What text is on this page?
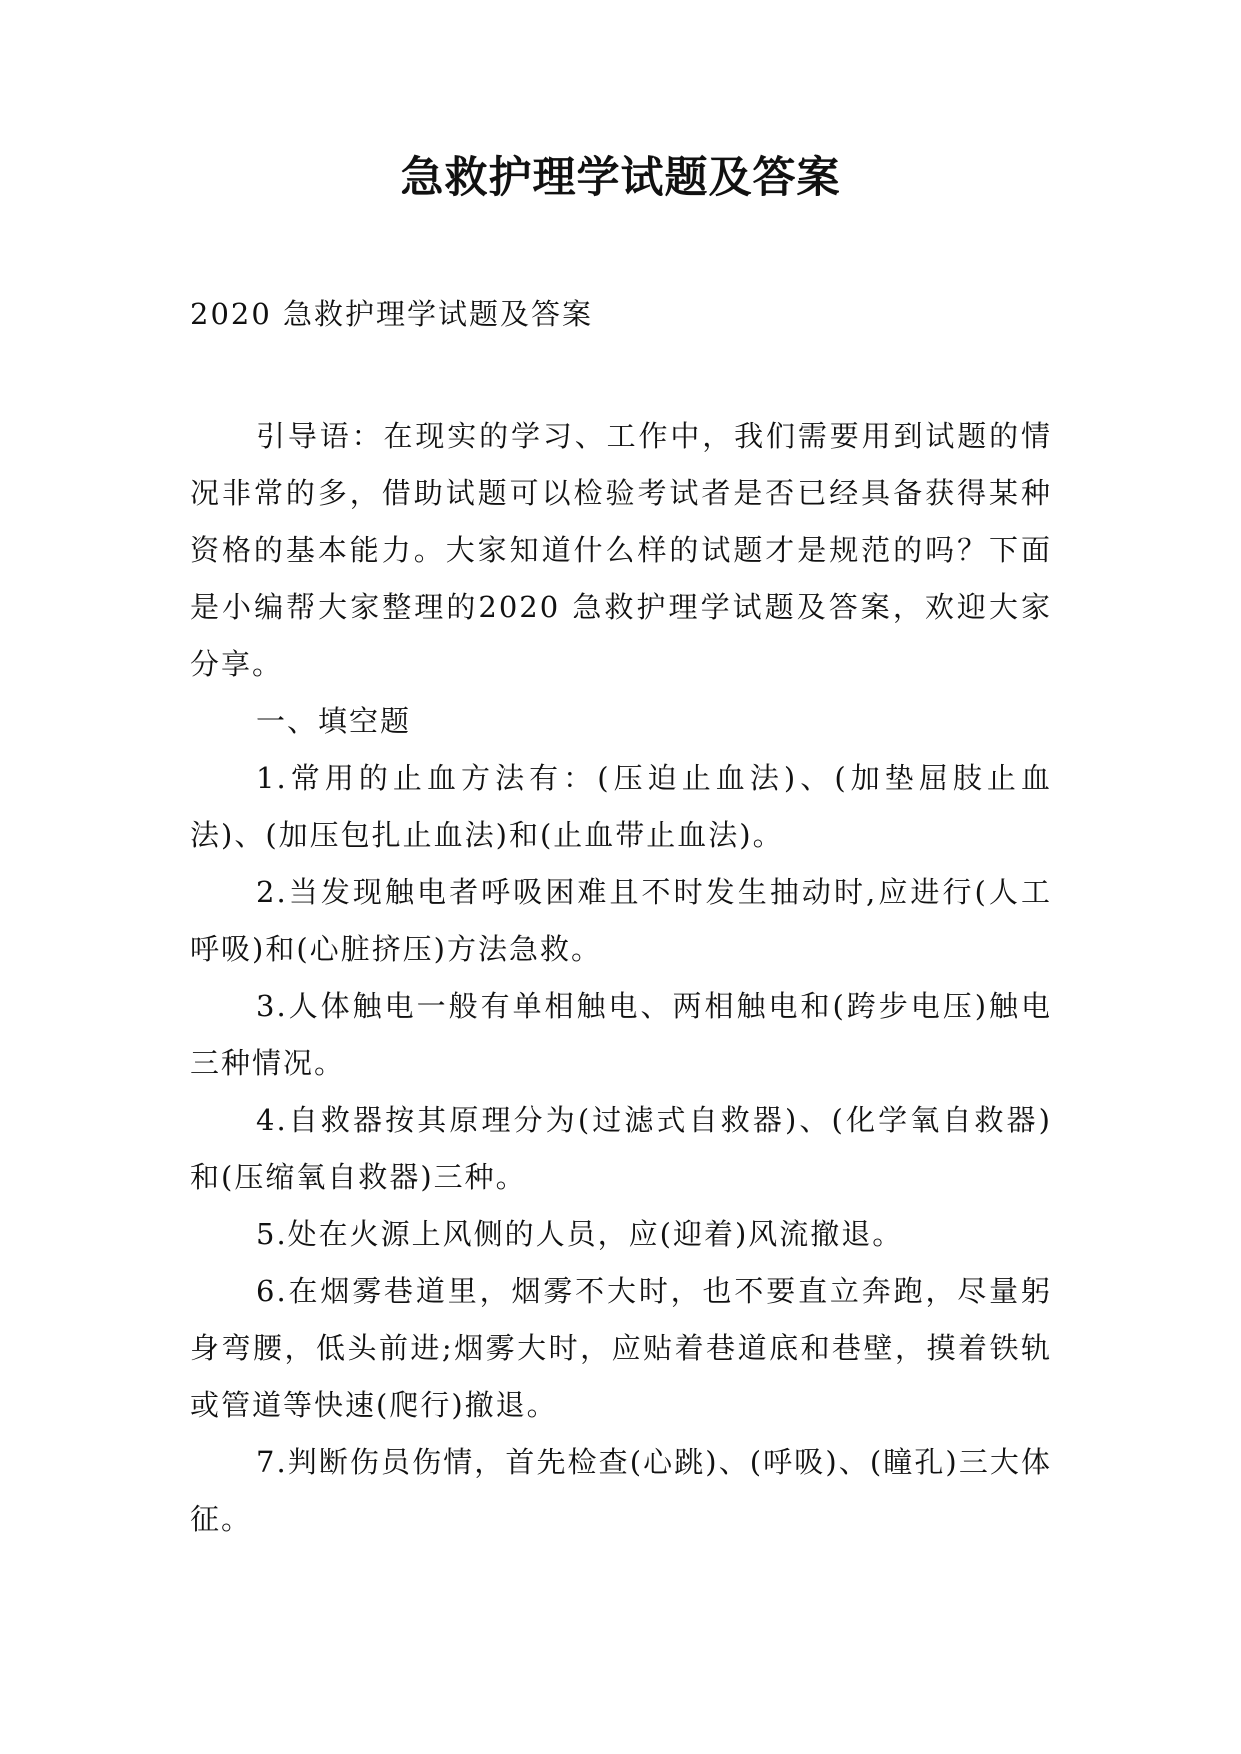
急救护理学试题及答案

2020 急救护理学试题及答案

引导语：在现实的学习、工作中，我们需要用到试题的情况非常的多，借助试题可以检验考试者是否已经具备获得某种资格的基本能力。大家知道什么样的试题才是规范的吗？下面是小编帮大家整理的2020 急救护理学试题及答案，欢迎大家分享。

一、填空题

1.常用的止血方法有：(压迫止血法)、(加垫屈肢止血法)、(加压包扎止血法)和(止血带止血法)。

2.当发现触电者呼吸困难且不时发生抽动时,应进行(人工呼吸)和(心脏挤压)方法急救。

3.人体触电一般有单相触电、两相触电和(跨步电压)触电三种情况。

4.自救器按其原理分为(过滤式自救器)、(化学氧自救器)和(压缩氧自救器)三种。

5.处在火源上风侧的人员，应(迎着)风流撤退。

6.在烟雾巷道里，烟雾不大时，也不要直立奔跑，尽量躬身弯腰，低头前进;烟雾大时，应贴着巷道底和巷壁，摸着铁轨或管道等快速(爬行)撤退。

7.判断伤员伤情，首先检查(心跳)、(呼吸)、(瞳孔)三大体征。
